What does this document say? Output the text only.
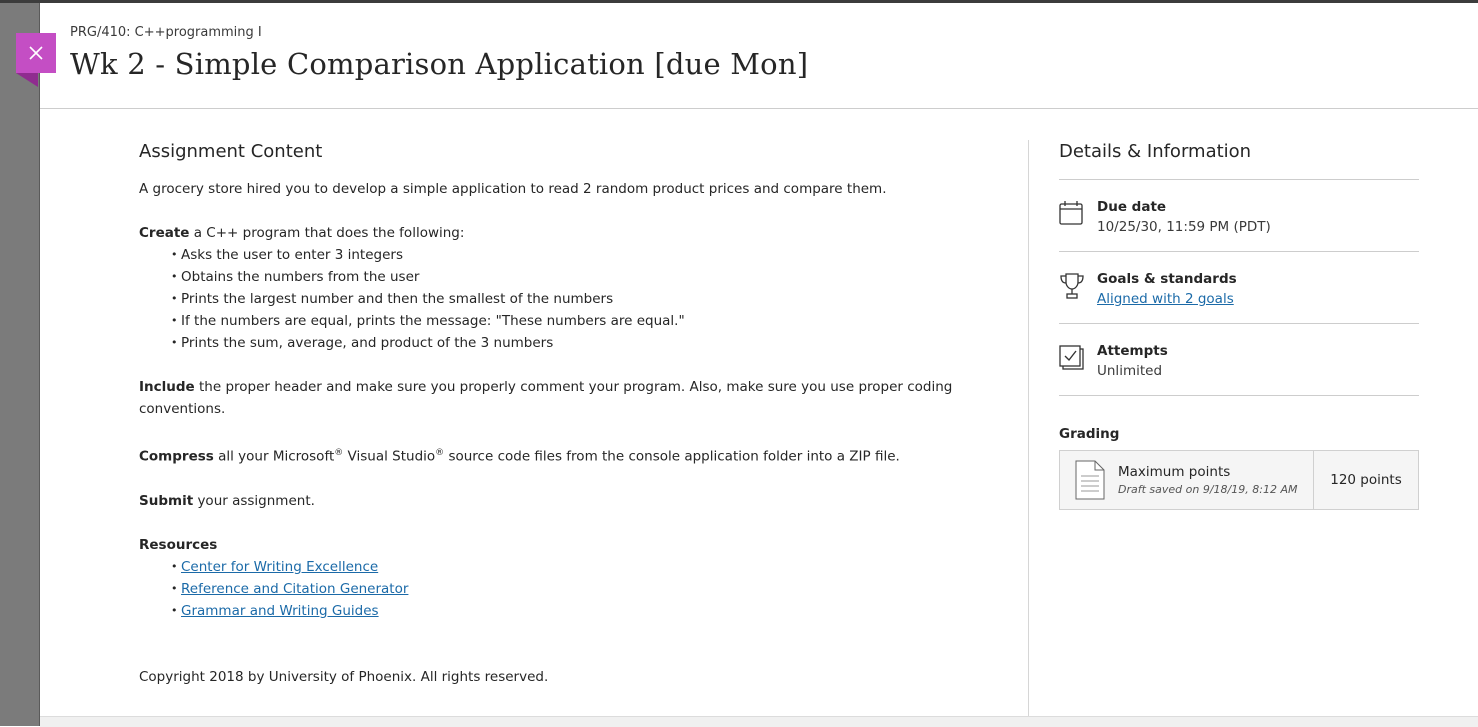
PRG/410: C++programming I
Wk 2 - Simple Comparison Application [due Mon]
Assignment Content

A grocery store hired you to develop a simple application to read 2 random product prices and compare them.

Create a C++ program that does the following:

• Asks the user to enter 3 integers
• Obtains the numbers from the user
• Prints the largest number and then the smallest of the numbers
• If the numbers are equal, prints the message: "These numbers are equal."
• Prints the sum, average, and product of the 3 numbers

Include the proper header and make sure you properly comment your program. Also, make sure you use proper coding conventions.

Compress all your Microsoft® Visual Studio® source code files from the console application folder into a ZIP file.

Submit your assignment.

Resources

• Center for Writing Excellence
• Reference and Citation Generator
• Grammar and Writing Guides

Copyright 2018 by University of Phoenix. All rights reserved.

Details & Information
Due date
10/25/30, 11:59 PM (PDT)
Goals & standards
Aligned with 2 goals
Attempts
Unlimited
Grading
Maximum points
Draft saved on 9/18/19, 8:12 AM
120 points
